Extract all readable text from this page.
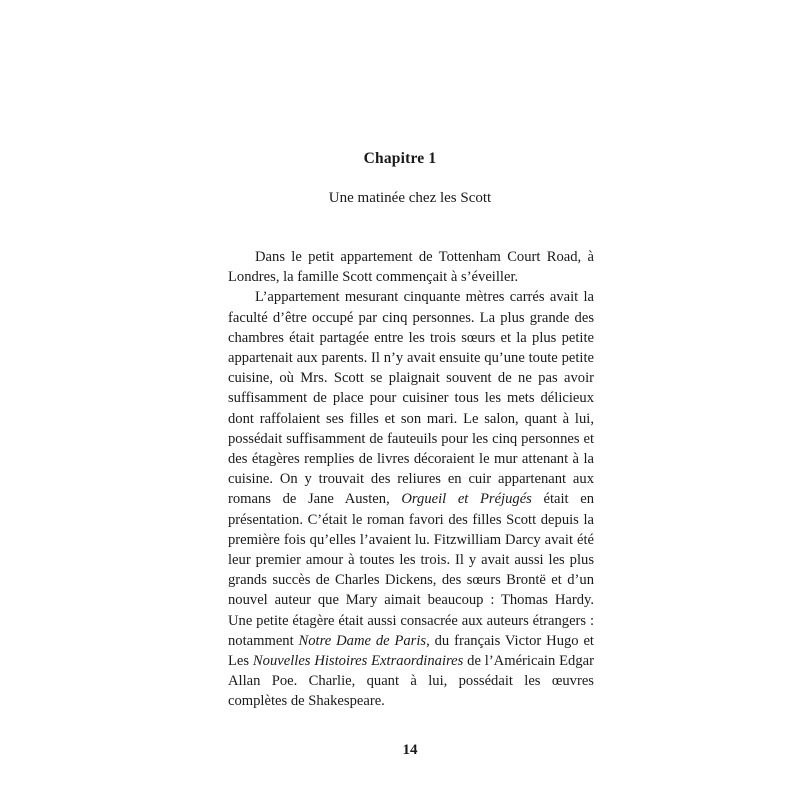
Chapitre 1
Une matinée chez les Scott

Dans le petit appartement de Tottenham Court Road, à Londres, la famille Scott commençait à s’éveiller.

L’appartement mesurant cinquante mètres carrés avait la faculté d’être occupé par cinq personnes. La plus grande des chambres était partagée entre les trois sœurs et la plus petite appartenait aux parents. Il n’y avait ensuite qu’une toute petite cuisine, où Mrs. Scott se plaignait souvent de ne pas avoir suffisamment de place pour cuisiner tous les mets délicieux dont raffolaient ses filles et son mari. Le salon, quant à lui, possédait suffisamment de fauteuils pour les cinq personnes et des étagères remplies de livres décoraient le mur attenant à la cuisine. On y trouvait des reliures en cuir appartenant aux romans de Jane Austen, Orgueil et Préjugés était en présentation. C’était le roman favori des filles Scott depuis la première fois qu’elles l’avaient lu. Fitzwilliam Darcy avait été leur premier amour à toutes les trois. Il y avait aussi les plus grands succès de Charles Dickens, des sœurs Brontë et d’un nouvel auteur que Mary aimait beaucoup : Thomas Hardy. Une petite étagère était aussi consacrée aux auteurs étrangers : notamment Notre Dame de Paris, du français Victor Hugo et Les Nouvelles Histoires Extraordinaires de l’Américain Edgar Allan Poe. Charlie, quant à lui, possédait les œuvres complètes de Shakespeare.

14
